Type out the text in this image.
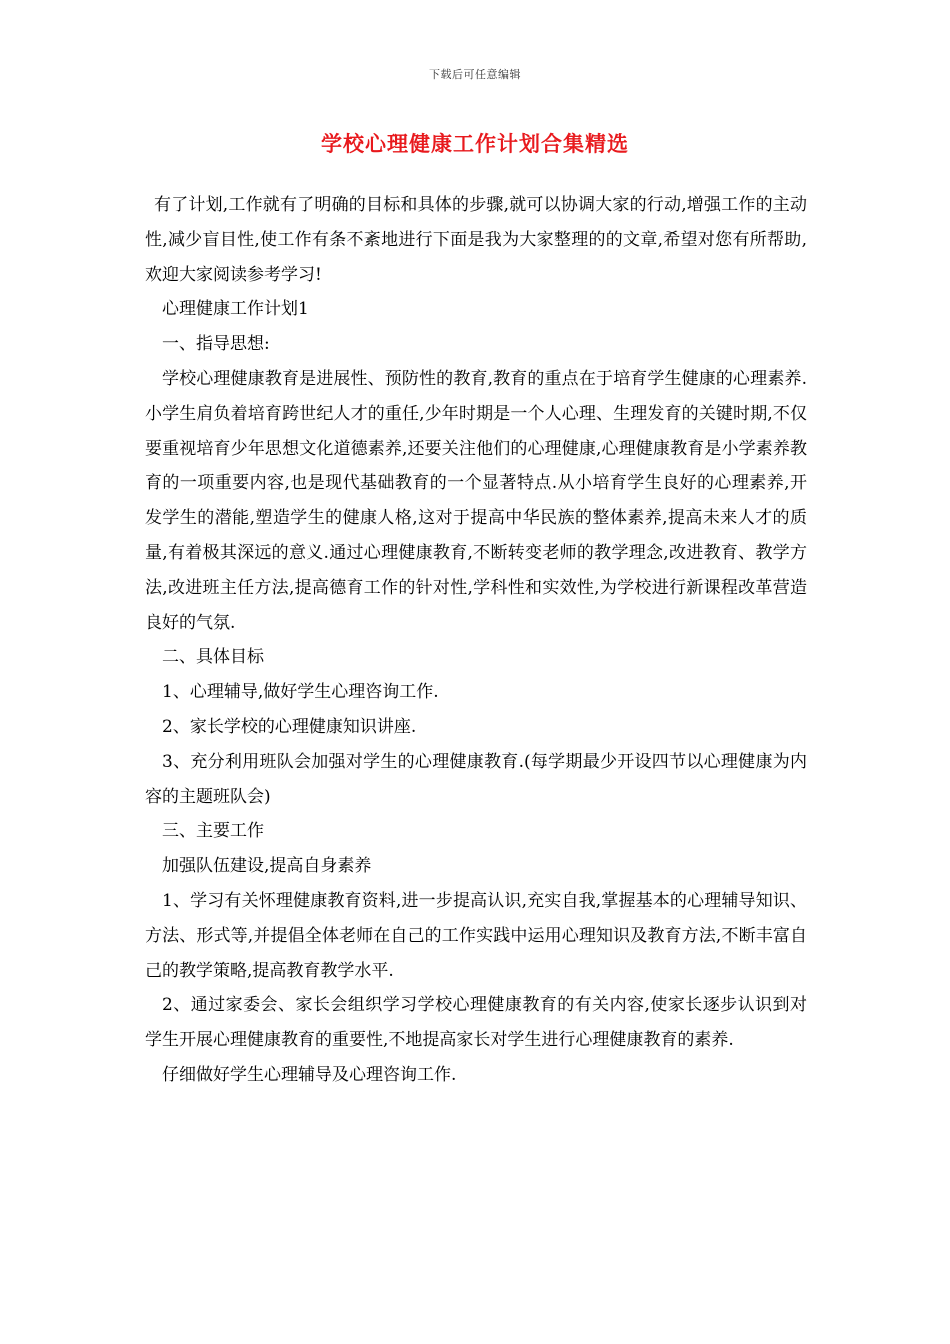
下载后可任意编辑
学校心理健康工作计划合集精选

有了计划,工作就有了明确的目标和具体的步骤,就可以协调大家的行动,增强工作的主动性,减少盲目性,使工作有条不紊地进行下面是我为大家整理的的文章,希望对您有所帮助,欢迎大家阅读参考学习!

心理健康工作计划1

一、指导思想:

学校心理健康教育是进展性、预防性的教育,教育的重点在于培育学生健康的心理素养.小学生肩负着培育跨世纪人才的重任,少年时期是一个人心理、生理发育的关键时期,不仅要重视培育少年思想文化道德素养,还要关注他们的心理健康,心理健康教育是小学素养教育的一项重要内容,也是现代基础教育的一个显著特点.从小培育学生良好的心理素养,开发学生的潜能,塑造学生的健康人格,这对于提高中华民族的整体素养,提高未来人才的质量,有着极其深远的意义.通过心理健康教育,不断转变老师的教学理念,改进教育、教学方法,改进班主任方法,提高德育工作的针对性,学科性和实效性,为学校进行新课程改革营造良好的气氛.

二、具体目标

1、心理辅导,做好学生心理咨询工作.

2、家长学校的心理健康知识讲座.

3、充分利用班队会加强对学生的心理健康教育.(每学期最少开设四节以心理健康为内容的主题班队会)

三、主要工作

加强队伍建设,提高自身素养

1、学习有关怀理健康教育资料,进一步提高认识,充实自我,掌握基本的心理辅导知识、方法、形式等,并提倡全体老师在自己的工作实践中运用心理知识及教育方法,不断丰富自己的教学策略,提高教育教学水平.

2、通过家委会、家长会组织学习学校心理健康教育的有关内容,使家长逐步认识到对学生开展心理健康教育的重要性,不地提高家长对学生进行心理健康教育的素养.

仔细做好学生心理辅导及心理咨询工作.
